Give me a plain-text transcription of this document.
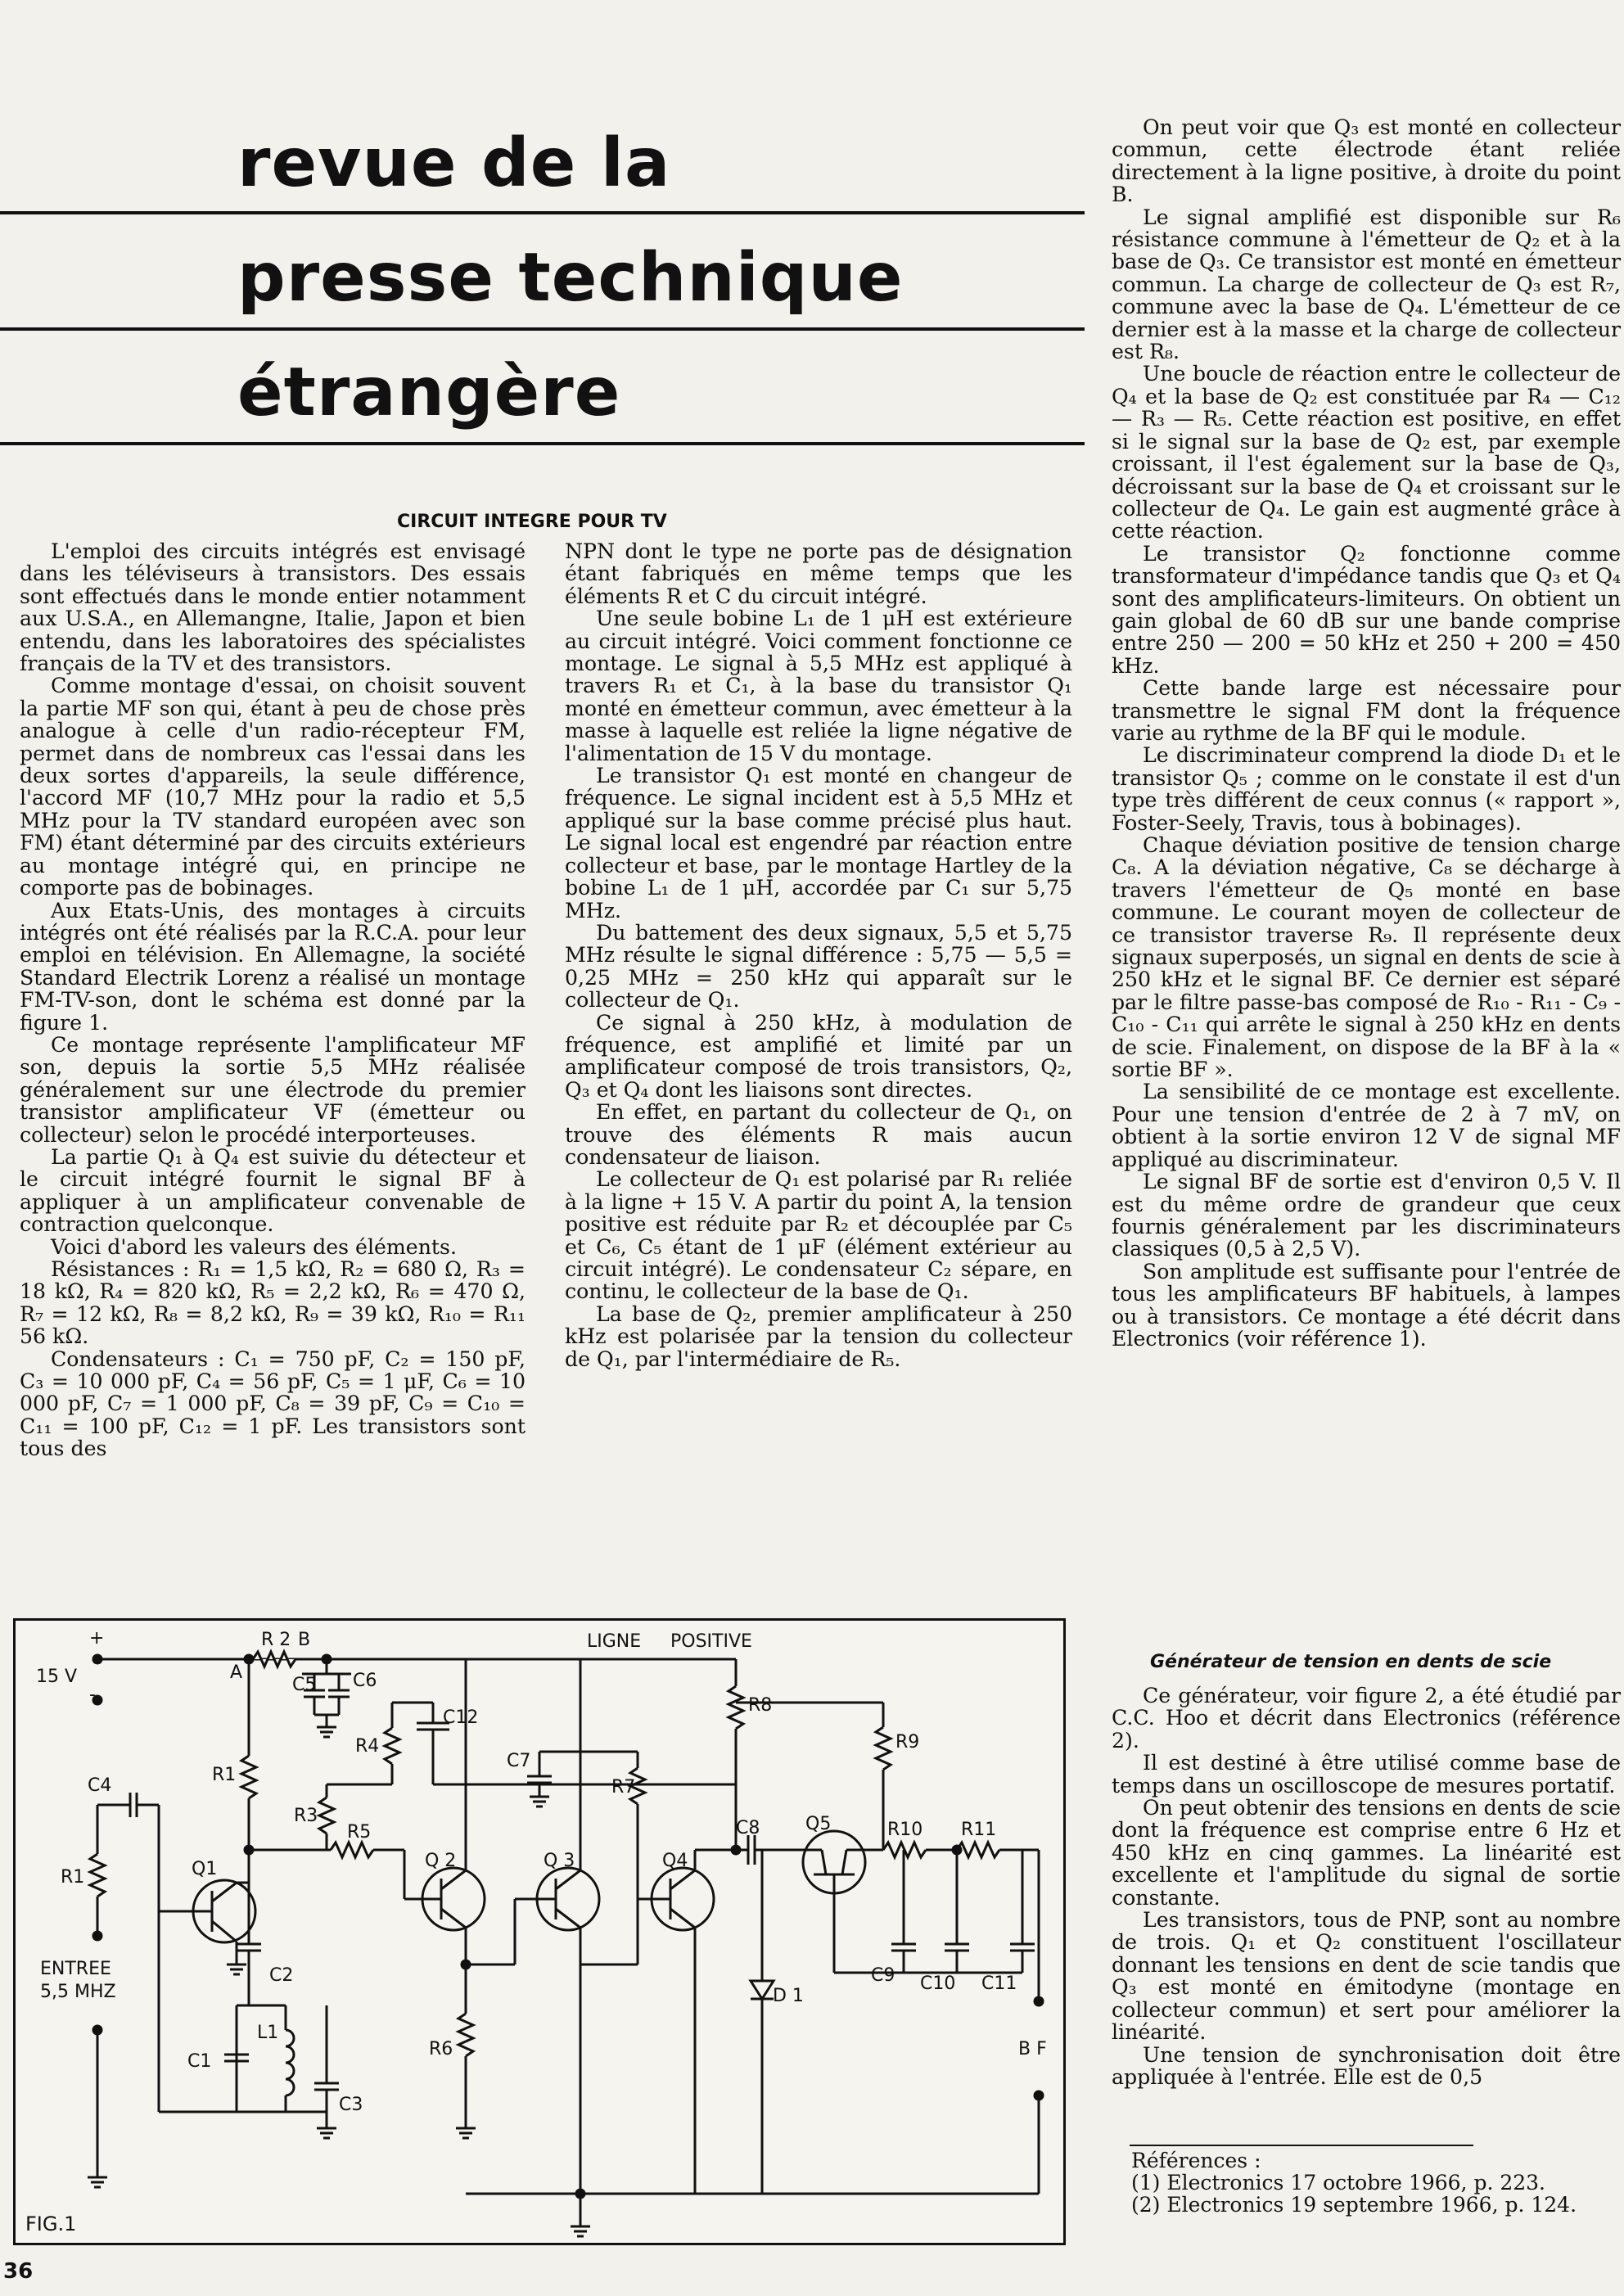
revue de la
presse technique
étrangère
CIRCUIT INTEGRE POUR TV

L'emploi des circuits intégrés est envisagé dans les téléviseurs à transistors. Des essais sont effectués dans le monde entier notamment aux U.S.A., en Allemangne, Italie, Japon et bien entendu, dans les laboratoires des spécialistes français de la TV et des transistors.

Comme montage d'essai, on choisit souvent la partie MF son qui, étant à peu de chose près analogue à celle d'un radio-récepteur FM, permet dans de nombreux cas l'essai dans les deux sortes d'appareils, la seule différence, l'accord MF (10,7 MHz pour la radio et 5,5 MHz pour la TV standard européen avec son FM) étant déterminé par des circuits extérieurs au montage intégré qui, en principe ne comporte pas de bobinages.

Aux Etats-Unis, des montages à circuits intégrés ont été réalisés par la R.C.A. pour leur emploi en télévision. En Allemagne, la société Standard Electrik Lorenz a réalisé un montage FM-TV-son, dont le schéma est donné par la figure 1.

Ce montage représente l'amplificateur MF son, depuis la sortie 5,5 MHz réalisée généralement sur une électrode du premier transistor amplificateur VF (émetteur ou collecteur) selon le procédé interporteuses.

La partie Q₁ à Q₄ est suivie du détecteur et le circuit intégré fournit le signal BF à appliquer à un amplificateur convenable de contraction quelconque.

Voici d'abord les valeurs des éléments.

Résistances : R₁ = 1,5 kΩ, R₂ = 680 Ω, R₃ = 18 kΩ, R₄ = 820 kΩ, R₅ = 2,2 kΩ, R₆ = 470 Ω, R₇ = 12 kΩ, R₈ = 8,2 kΩ, R₉ = 39 kΩ, R₁₀ = R₁₁ 56 kΩ.

Condensateurs : C₁ = 750 pF, C₂ = 150 pF, C₃ = 10 000 pF, C₄ = 56 pF, C₅ = 1 μF, C₆ = 10 000 pF, C₇ = 1 000 pF, C₈ = 39 pF, C₉ = C₁₀ = C₁₁ = 100 pF, C₁₂ = 1 pF. Les transistors sont tous des

NPN dont le type ne porte pas de désignation étant fabriqués en même temps que les éléments R et C du circuit intégré.

Une seule bobine L₁ de 1 μH est extérieure au circuit intégré. Voici comment fonctionne ce montage. Le signal à 5,5 MHz est appliqué à travers R₁ et C₁, à la base du transistor Q₁ monté en émetteur commun, avec émetteur à la masse à laquelle est reliée la ligne négative de l'alimentation de 15 V du montage.

Le transistor Q₁ est monté en changeur de fréquence. Le signal incident est à 5,5 MHz et appliqué sur la base comme précisé plus haut. Le signal local est engendré par réaction entre collecteur et base, par le montage Hartley de la bobine L₁ de 1 μH, accordée par C₁ sur 5,75 MHz.

Du battement des deux signaux, 5,5 et 5,75 MHz résulte le signal différence : 5,75 — 5,5 = 0,25 MHz = 250 kHz qui apparaît sur le collecteur de Q₁.

Ce signal à 250 kHz, à modulation de fréquence, est amplifié et limité par un amplificateur composé de trois transistors, Q₂, Q₃ et Q₄ dont les liaisons sont directes.

En effet, en partant du collecteur de Q₁, on trouve des éléments R mais aucun condensateur de liaison.

Le collecteur de Q₁ est polarisé par R₁ reliée à la ligne + 15 V. A partir du point A, la tension positive est réduite par R₂ et découplée par C₅ et C₆, C₅ étant de 1 μF (élément extérieur au circuit intégré). Le condensateur C₂ sépare, en continu, le collecteur de la base de Q₁.

La base de Q₂, premier amplificateur à 250 kHz est polarisée par la tension du collecteur de Q₁, par l'intermédiaire de R₅.

On peut voir que Q₃ est monté en collecteur commun, cette électrode étant reliée directement à la ligne positive, à droite du point B.

Le signal amplifié est disponible sur R₆ résistance commune à l'émetteur de Q₂ et à la base de Q₃. Ce transistor est monté en émetteur commun. La charge de collecteur de Q₃ est R₇, commune avec la base de Q₄. L'émetteur de ce dernier est à la masse et la charge de collecteur est R₈.

Une boucle de réaction entre le collecteur de Q₄ et la base de Q₂ est constituée par R₄ — C₁₂ — R₃ — R₅. Cette réaction est positive, en effet si le signal sur la base de Q₂ est, par exemple croissant, il l'est également sur la base de Q₃, décroissant sur la base de Q₄ et croissant sur le collecteur de Q₄. Le gain est augmenté grâce à cette réaction.

Le transistor Q₂ fonctionne comme transformateur d'impédance tandis que Q₃ et Q₄ sont des amplificateurs-limiteurs. On obtient un gain global de 60 dB sur une bande comprise entre 250 — 200 = 50 kHz et 250 + 200 = 450 kHz.

Cette bande large est nécessaire pour transmettre le signal FM dont la fréquence varie au rythme de la BF qui le module.

Le discriminateur comprend la diode D₁ et le transistor Q₅ ; comme on le constate il est d'un type très différent de ceux connus (« rapport », Foster-Seely, Travis, tous à bobinages).

Chaque déviation positive de tension charge C₈. A la déviation négative, C₈ se décharge à travers l'émetteur de Q₅ monté en base commune. Le courant moyen de collecteur de ce transistor traverse R₉. Il représente deux signaux superposés, un signal en dents de scie à 250 kHz et le signal BF. Ce dernier est séparé par le filtre passe-bas composé de R₁₀ - R₁₁ - C₉ - C₁₀ - C₁₁ qui arrête le signal à 250 kHz en dents de scie. Finalement, on dispose de la BF à la « sortie BF ».

La sensibilité de ce montage est excellente. Pour une tension d'entrée de 2 à 7 mV, on obtient à la sortie environ 12 V de signal MF appliqué au discriminateur.

Le signal BF de sortie est d'environ 0,5 V. Il est du même ordre de grandeur que ceux fournis généralement par les discriminateurs classiques (0,5 à 2,5 V).

Son amplitude est suffisante pour l'entrée de tous les amplificateurs BF habituels, à lampes ou à transistors. Ce montage a été décrit dans Electronics (voir référence 1).

Générateur de tension en dents de scie

Ce générateur, voir figure 2, a été étudié par C.C. Hoo et décrit dans Electronics (référence 2).

Il est destiné à être utilisé comme base de temps dans un oscilloscope de mesures portatif.

On peut obtenir des tensions en dents de scie dont la fréquence est comprise entre 6 Hz et 450 kHz en cinq gammes. La linéarité est excellente et l'amplitude du signal de sortie constante.

Les transistors, tous de PNP, sont au nombre de trois. Q₁ et Q₂ constituent l'oscillateur donnant les tensions en dent de scie tandis que Q₃ est monté en émitodyne (montage en collecteur commun) et sert pour améliorer la linéarité.

Une tension de synchronisation doit être appliquée à l'entrée. Elle est de 0,5

Références :

(1) Electronics 17 octobre 1966, p. 223.

(2) Electronics 19 septembre 1966, p. 124.

+
-
15 V	A
B
R 2
C5 C6
LIGNE POSITIVE
R1
R1
C4
Q1
R3
R5
R4
C12
C2
C1
L1
C3
Q 2
R6
Q 3
C7
R7
Q4
R8
C8
D 1
Q5
R9
R10 R11
C9 C10 C11
B F
ENTREE
5,5 MHZ
FIG.1
36
